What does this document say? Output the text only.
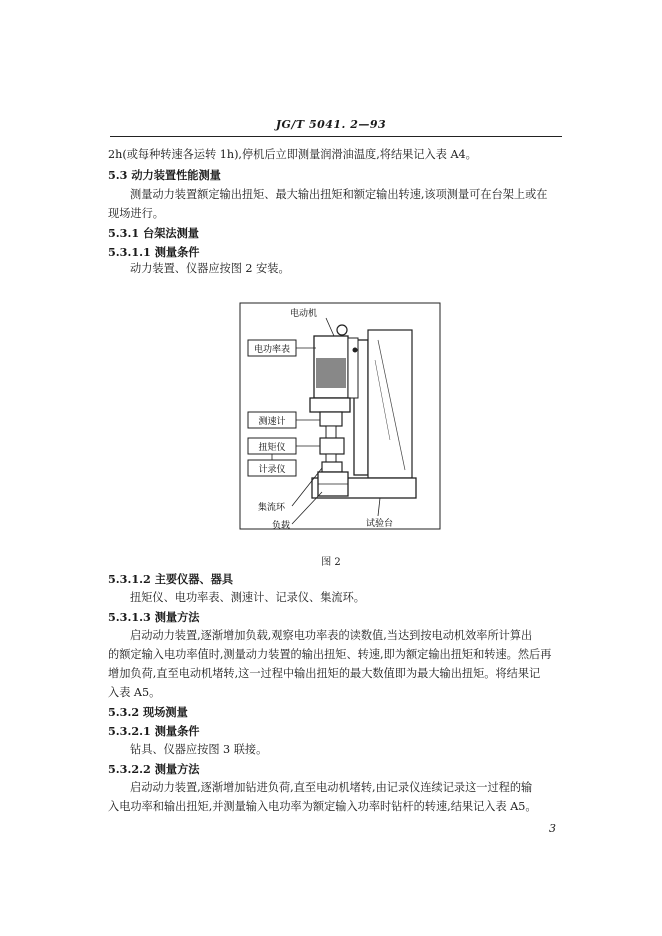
JG/T 5041. 2—93
2h(或每种转速各运转 1h),停机后立即测量润滑油温度,将结果记入表 A4。
5.3 动力装置性能测量
测量动力装置额定输出扭矩、最大输出扭矩和额定输出转速,该项测量可在台架上或在
现场进行。
5.3.1 台架法测量
5.3.1.1 测量条件
动力装置、仪器应按图 2 安装。
电功率表
测速计
扭矩仪
计录仪
电动机
集流环
负载	试验台
图 2
5.3.1.2 主要仪器、器具
扭矩仪、电功率表、测速计、记录仪、集流环。
5.3.1.3 测量方法
启动动力装置,逐渐增加负载,观察电功率表的读数值,当达到按电动机效率所计算出
的额定输入电功率值时,测量动力装置的输出扭矩、转速,即为额定输出扭矩和转速。然后再
增加负荷,直至电动机堵转,这一过程中输出扭矩的最大数值即为最大输出扭矩。将结果记
入表 A5。
5.3.2 现场测量
5.3.2.1 测量条件
钻具、仪器应按图 3 联接。
5.3.2.2 测量方法
启动动力装置,逐渐增加钻进负荷,直至电动机堵转,由记录仪连续记录这一过程的输
入电功率和输出扭矩,并测量输入电功率为额定输入功率时钻杆的转速,结果记入表 A5。
3
